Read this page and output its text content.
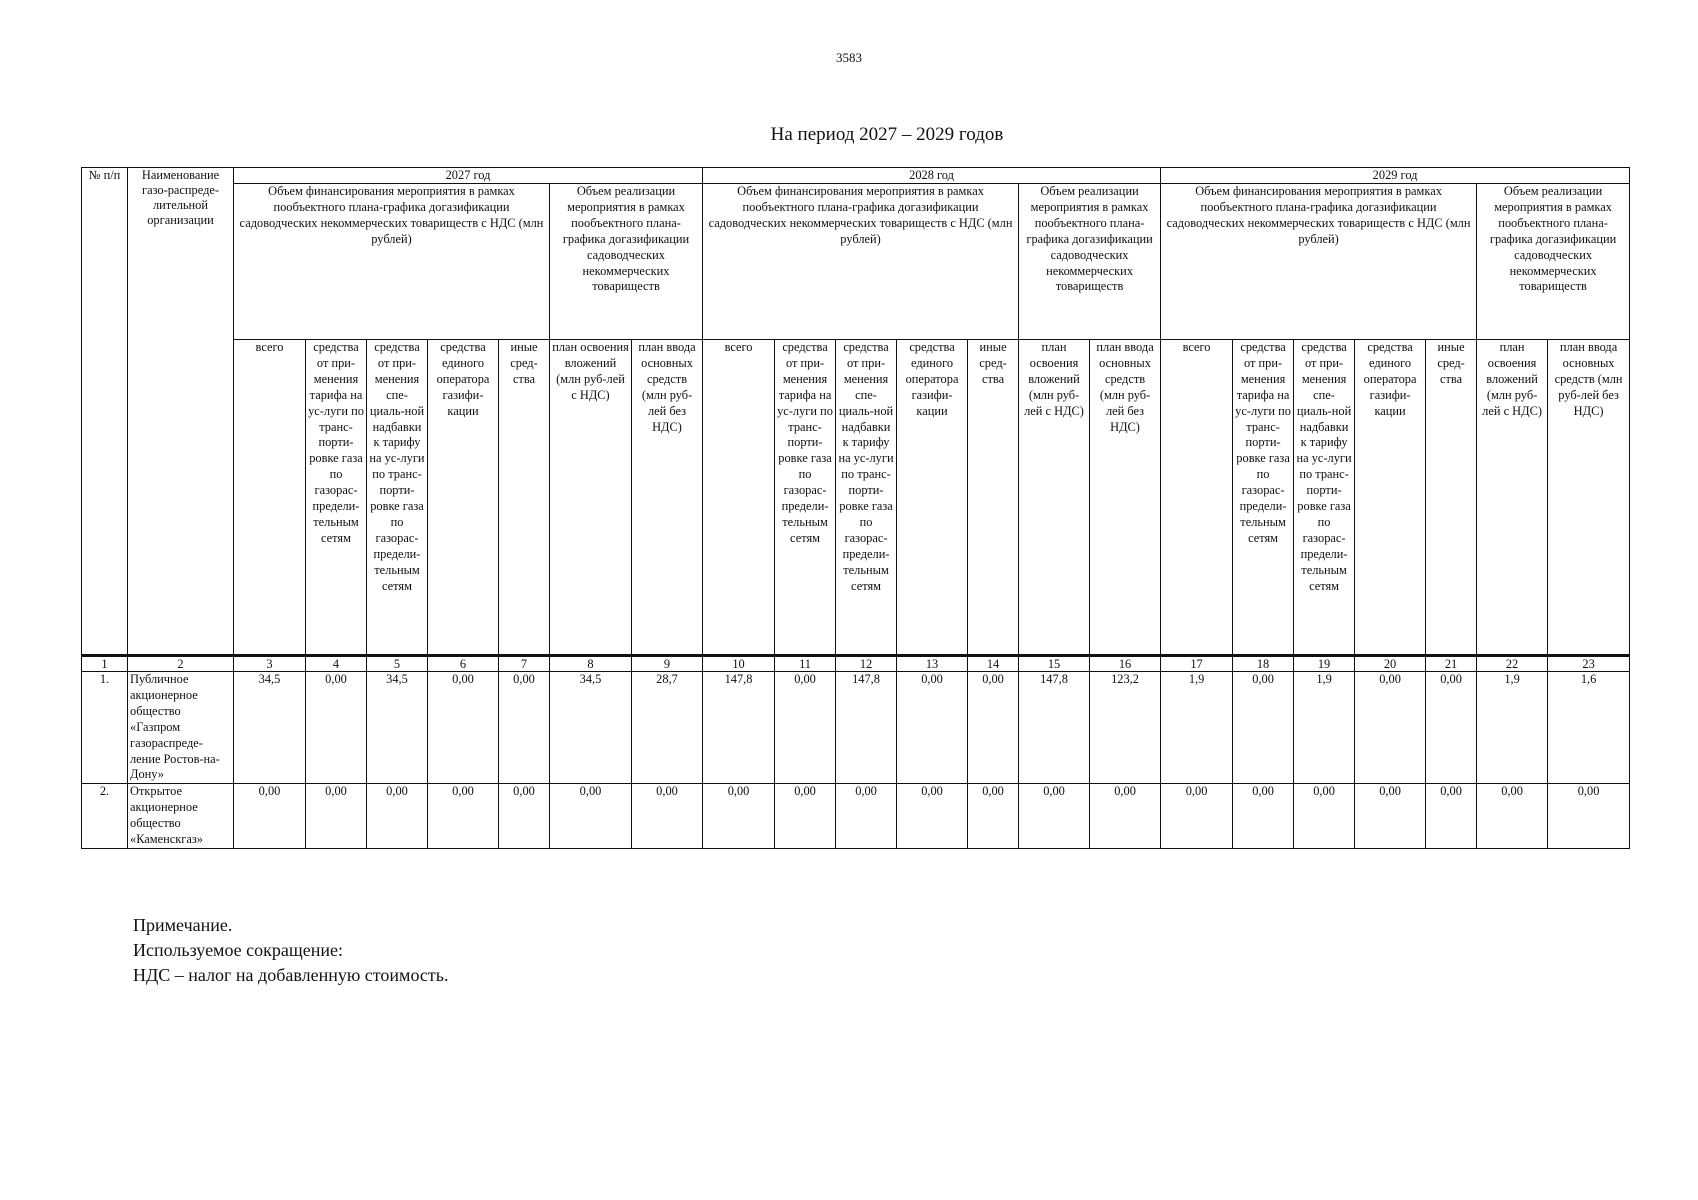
3583
На период 2027 – 2029 годов
№ п/п	Наименование газо-распреде-лительной организации	2027 год							2028 год							2029 год						
		Объем финансирования мероприятия в рамках пообъектного плана-графика догазификации садоводческих некоммерческих товариществ с НДС (млн рублей)					Объем реализации мероприятия в рамках пообъектного плана-графика догазификации садоводческих некоммерческих товариществ		Объем финансирования мероприятия в рамках пообъектного плана-графика догазификации садоводческих некоммерческих товариществ с НДС (млн рублей)					Объем реализации мероприятия в рамках пообъектного плана-графика догазификации садоводческих некоммерческих товариществ		Объем финансирования мероприятия в рамках пообъектного плана-графика догазификации садоводческих некоммерческих товариществ с НДС (млн рублей)					Объем реализации мероприятия в рамках пообъектного плана-графика догазификации садоводческих некоммерческих товариществ	
		всего	средства от при-менения тарифа на ус-луги по транс-порти-ровке газа по газорас-предели-тельным сетям	средства от при-менения спе-циаль-ной надбавки к тарифу на ус-луги по транс-порти-ровке газа по газорас-предели-тельным сетям	средства единого оператора газифи-кации	иные сред-ства	план освоения вложений (млн руб-лей с НДС)	план ввода основных средств (млн руб-лей без НДС)	всего	средства от при-менения тарифа на ус-луги по транс-порти-ровке газа по газорас-предели-тельным сетям	средства от при-менения спе-циаль-ной надбавки к тарифу на ус-луги по транс-порти-ровке газа по газорас-предели-тельным сетям	средства единого оператора газифи-кации	иные сред-ства	план освоения вложений (млн руб-лей с НДС)	план ввода основных средств (млн руб-лей без НДС)	всего	средства от при-менения тарифа на ус-луги по транс-порти-ровке газа по газорас-предели-тельным сетям	средства от при-менения спе-циаль-ной надбавки к тарифу на ус-луги по транс-порти-ровке газа по газорас-предели-тельным сетям	средства единого оператора газифи-кации	иные сред-ства	план освоения вложений (млн руб-лей с НДС)	план ввода основных средств (млн руб-лей без НДС)
1	2	3	4	5	6	7	8	9	10	11	12	13	14	15	16	17	18	19	20	21	22	23
1.	Публичное акционерное общество «Газпром газораспреде-ление Ростов-на-Дону»	34,5	0,00	34,5	0,00	0,00	34,5	28,7	147,8	0,00	147,8	0,00	0,00	147,8	123,2	1,9	0,00	1,9	0,00	0,00	1,9	1,6
2.	Открытое акционерное общество «Каменскгаз»	0,00	0,00	0,00	0,00	0,00	0,00	0,00	0,00	0,00	0,00	0,00	0,00	0,00	0,00	0,00	0,00	0,00	0,00	0,00	0,00	0,00
Примечание.
Используемое сокращение:
НДС – налог на добавленную стоимость.
